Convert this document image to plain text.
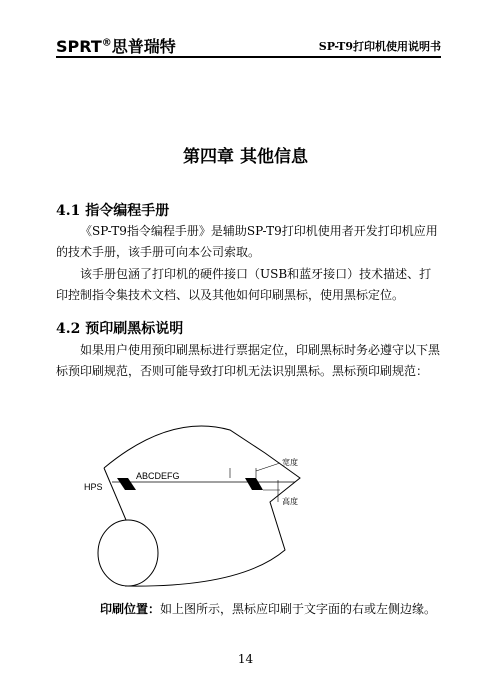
SPRT®思普瑞特	SP-T9打印机使用说明书
第四章 其他信息
4.1 指令编程手册
《SP-T9指令编程手册》是辅助SP-T9打印机使用者开发打印机应用的技术手册，该手册可向本公司索取。
该手册包涵了打印机的硬件接口（USB和蓝牙接口）技术描述、打印控制指令集技术文档、以及其他如何印刷黑标，使用黑标定位。
4.2 预印刷黑标说明
如果用户使用预印刷黑标进行票据定位，印刷黑标时务必遵守以下黑标预印刷规范，否则可能导致打印机无法识别黑标。黑标预印刷规范：
ABCDEFG
HPS
宽度
高度
印刷位置：如上图所示，黑标应印刷于文字面的右或左侧边缘。
14
